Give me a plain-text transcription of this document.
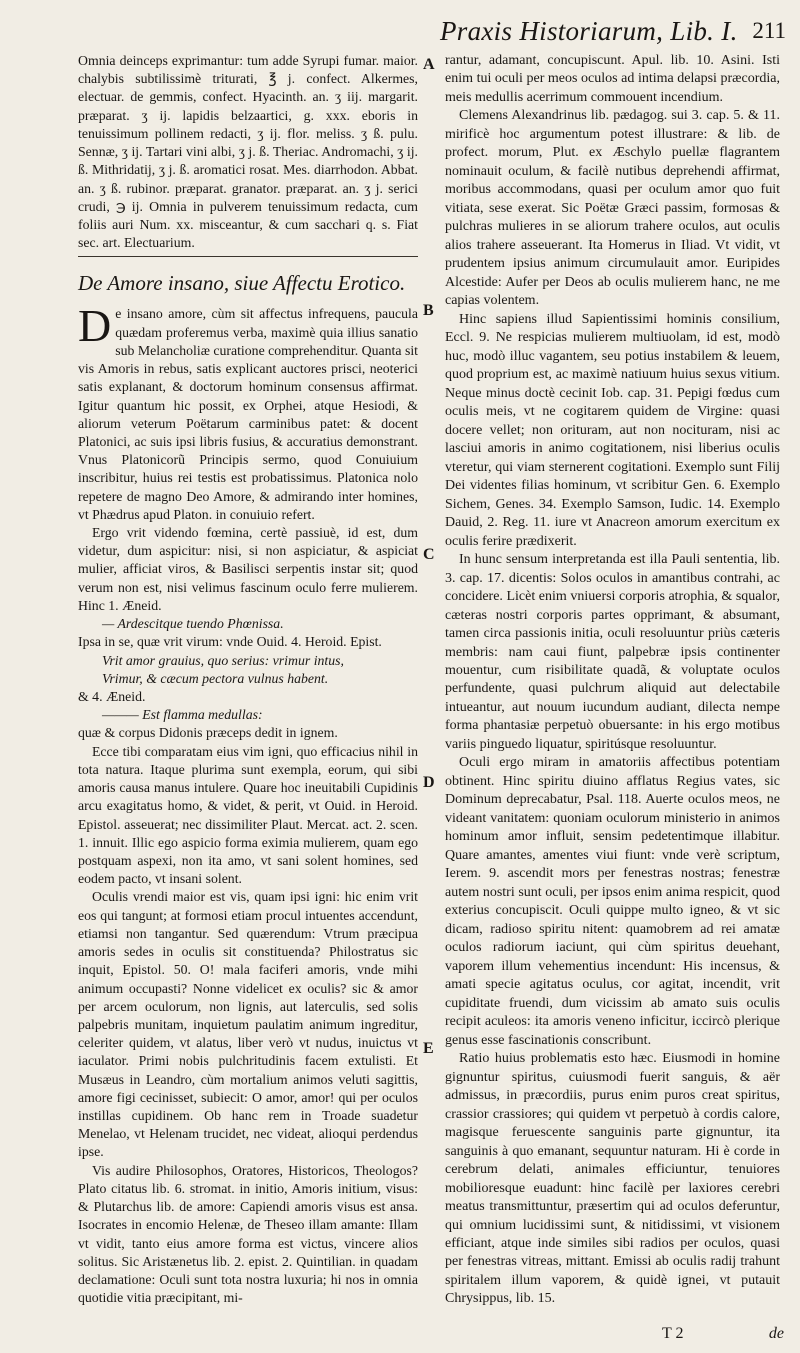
Praxis Historiarum, Lib. I. 211
A
B
C
D
E

Omnia deinceps exprimantur: tum adde Syrupi fumar. maior. chalybis subtilissimè triturati, ℥ j. confect. Alkermes, electuar. de gemmis, confect. Hyacinth. an. ʒ iij. margarit. præparat. ʒ ij. lapidis belzaartici, g. xxx. eboris in tenuissimum pollinem redacti, ʒ ij. flor. meliss. ʒ ß. pulu. Sennæ, ʒ ij. Tartari vini albi, ʒ j. ß. Theriac. Andromachi, ʒ ij. ß. Mithridatij, ʒ j. ß. aromatici rosat. Mes. diarrhodon. Abbat. an. ʒ ß. rubinor. præparat. granator. præparat. an. ʒ j. serici crudi, ℈ ij. Omnia in pulverem tenuissimum redacta, cum foliis auri Num. xx. misceantur, & cum sacchari q. s. Fiat sec. art. Electuarium.

De Amore insano, siue Affectu Erotico.

De insano amore, cùm sit affectus infrequens, paucula quædam proferemus verba, maximè quia illius sanatio sub Melancholiæ curatione comprehenditur. Quanta sit vis Amoris in rebus, satis explicant auctores prisci, neoterici satis explanant, & doctorum hominum consensus affirmat. Igitur quantum hic possit, ex Orphei, atque Hesiodi, & aliorum veterum Poëtarum carminibus patet: & docent Platonici, ac suis ipsi libris fusius, & accuratius demonstrant. Vnus Platonicorũ Principis sermo, quod Conuiuium inscribitur, huius rei testis est probatissimus. Platonica nolo repetere de magno Deo Amore, & admirando inter homines, vt Phædrus apud Platon. in conuiuio refert.

Ergo vrit videndo fœmina, certè passiuè, id est, dum videtur, dum aspicitur: nisi, si non aspiciatur, & aspiciat mulier, afficiat viros, & Basilisci serpentis instar sit; quod verum non est, nisi velimus fascinum oculo ferre mulierem. Hinc 1. Æneid.

— Ardescitque tuendo Phœnissa.

Ipsa in se, quæ vrit virum: vnde Ouid. 4. Heroid. Epist.

Vrit amor grauius, quo serius: vrimur intus,

Vrimur, & cæcum pectora vulnus habent.

& 4. Æneid.

——— Est flamma medullas:

quæ & corpus Didonis præceps dedit in ignem.

Ecce tibi comparatam eius vim igni, quo efficacius nihil in tota natura. Itaque plurima sunt exempla, eorum, qui sibi amoris causa manus intulere. Quare hoc ineuitabili Cupidinis arcu exagitatus homo, & videt, & perit, vt Ouid. in Heroid. Epistol. asseuerat; nec dissimiliter Plaut. Mercat. act. 2. scen. 1. innuit. Illic ego aspicio forma eximia mulierem, quam ego postquam aspexi, non ita amo, vt sani solent homines, sed eodem pacto, vt insani solent.

Oculis vrendi maior est vis, quam ipsi igni: hic enim vrit eos qui tangunt; at formosi etiam procul intuentes accendunt, etiamsi non tangantur. Sed quærendum: Vtrum præcipua amoris sedes in oculis sit constituenda? Philostratus sic inquit, Epistol. 50. O! mala faciferi amoris, vnde mihi animum occupasti? Nonne videlicet ex oculis? sic & amor per arcem oculorum, non lignis, aut laterculis, sed solis palpebris munitam, inquietum paulatim animum ingreditur, celeriter quidem, vt alatus, liber verò vt nudus, inuictus vt iaculator. Primi nobis pulchritudinis facem extulisti. Et Musæus in Leandro, cùm mortalium animos veluti sagittis, amore figi cecinisset, subiecit: O amor, amor! qui per oculos instillas cupidinem. Ob hanc rem in Troade suadetur Menelao, vt Helenam trucidet, nec videat, alioqui perdendus ipse.

Vis audire Philosophos, Oratores, Historicos, Theologos? Plato citatus lib. 6. stromat. in initio, Amoris initium, visus: & Plutarchus lib. de amore: Capiendi amoris visus est ansa. Isocrates in encomio Helenæ, de Theseo illam amante: Illam vt vidit, tanto eius amore forma est victus, vincere alios solitus. Sic Aristænetus lib. 2. epist. 2. Quintilian. in quadam declamatione: Oculi sunt tota nostra luxuria; hi nos in omnia quotidie vitia præcipitant, mi-

rantur, adamant, concupiscunt. Apul. lib. 10. Asini. Isti enim tui oculi per meos oculos ad intima delapsi præcordia, meis medullis acerrimum commouent incendium.

Clemens Alexandrinus lib. pædagog. sui 3. cap. 5. & 11. mirificè hoc argumentum potest illustrare: & lib. de profect. morum, Plut. ex Æschylo puellæ flagrantem nominauit oculum, & facilè nutibus deprehendi affirmat, moribus accommodans, quasi per oculum amor quo fuit vitiata, sese exerat. Sic Poëtæ Græci passim, formosas & pulchras mulieres in se aliorum trahere oculos, aut oculis alios trahere asseuerant. Ita Homerus in Iliad. Vt vidit, vt prudentem ipsius animum circumulauit amor. Euripides Alcestide: Aufer per Deos ab oculis mulierem hanc, ne me capias volentem.

Hinc sapiens illud Sapientissimi hominis consilium, Eccl. 9. Ne respicias mulierem multiuolam, id est, modò huc, modò illuc vagantem, seu potius instabilem & leuem, quod proprium est, ac maximè natiuum huius sexus vitium. Neque minus doctè cecinit Iob. cap. 31. Pepigi fœdus cum oculis meis, vt ne cogitarem quidem de Virgine: quasi docere vellet; non orituram, aut non nocituram, nisi ac lasciui amoris in animo cogitationem, nisi liberius oculis vteretur, qui viam sternerent cogitationi. Exemplo sunt Filij Dei videntes filias hominum, vt scribitur Gen. 6. Exemplo Sichem, Genes. 34. Exemplo Samson, Iudic. 14. Exemplo Dauid, 2. Reg. 11. iure vt Anacreon amorum exercitum ex oculis ferire prædixerit.

In hunc sensum interpretanda est illa Pauli sententia, lib. 3. cap. 17. dicentis: Solos oculos in amantibus contrahi, ac concidere. Licèt enim vniuersi corporis atrophia, & squalor, cæteras nostri corporis partes opprimant, & absumant, tamen circa passionis initia, oculi resoluuntur priùs cæteris membris: nam caui fiunt, palpebræ ipsis continenter mouentur, cum risibilitate quadã, & voluptate oculos perfundente, quasi pulchrum aliquid aut delectabile intueantur, aut nouum iucundum audiant, dilecta nempe forma phantasiæ perpetuò obuersante: in his ergo motibus variis pinguedo liquatur, spiritúsque resoluuntur.

Oculi ergo miram in amatoriis affectibus potentiam obtinent. Hinc spiritu diuino afflatus Regius vates, sic Dominum deprecabatur, Psal. 118. Auerte oculos meos, ne videant vanitatem: quoniam oculorum ministerio in animos hominum amor influit, sensim pedetentimque illabitur. Quare amantes, amentes viui fiunt: vnde verè scriptum, Ierem. 9. ascendit mors per fenestras nostras; fenestræ autem nostri sunt oculi, per ipsos enim anima respicit, quod exterius concupiscit. Oculi quippe multo igneo, & vt sic dicam, radioso spiritu nitent: quamobrem ad rei amatæ oculos radiorum iaciunt, qui cùm spiritus deuehant, vaporem illum vehementius incendunt: His incensus, & amati specie agitatus oculus, cor agitat, incendit, vrit cupiditate fruendi, dum vicissim ab amato suis oculis recipit aculeos: ita amoris veneno inficitur, iccircò plerique genus esse fascinationis conscribunt.

Ratio huius problematis esto hæc. Eiusmodi in homine gignuntur spiritus, cuiusmodi fuerit sanguis, & aër admissus, in præcordiis, purus enim puros creat spiritus, crassior crassiores; qui quidem vt perpetuò à cordis calore, magisque feruescente sanguinis parte gignuntur, ita sanguinis à quo emanant, sequuntur naturam. Hi è corde in cerebrum delati, animales efficiuntur, tenuiores mobilioresque euadunt: hinc facilè per laxiores cerebri meatus transmittuntur, præsertim qui ad oculos deferuntur, qui omnium lucidissimi sunt, & nitidissimi, vt visionem efficiant, atque inde similes sibi radios per oculos, quasi per fenestras vitreas, mittant. Emissi ab oculis radij trahunt spiritalem illum vaporem, & quidè ignei, vt putauit Chrysippus, lib. 15.

T 2	de
